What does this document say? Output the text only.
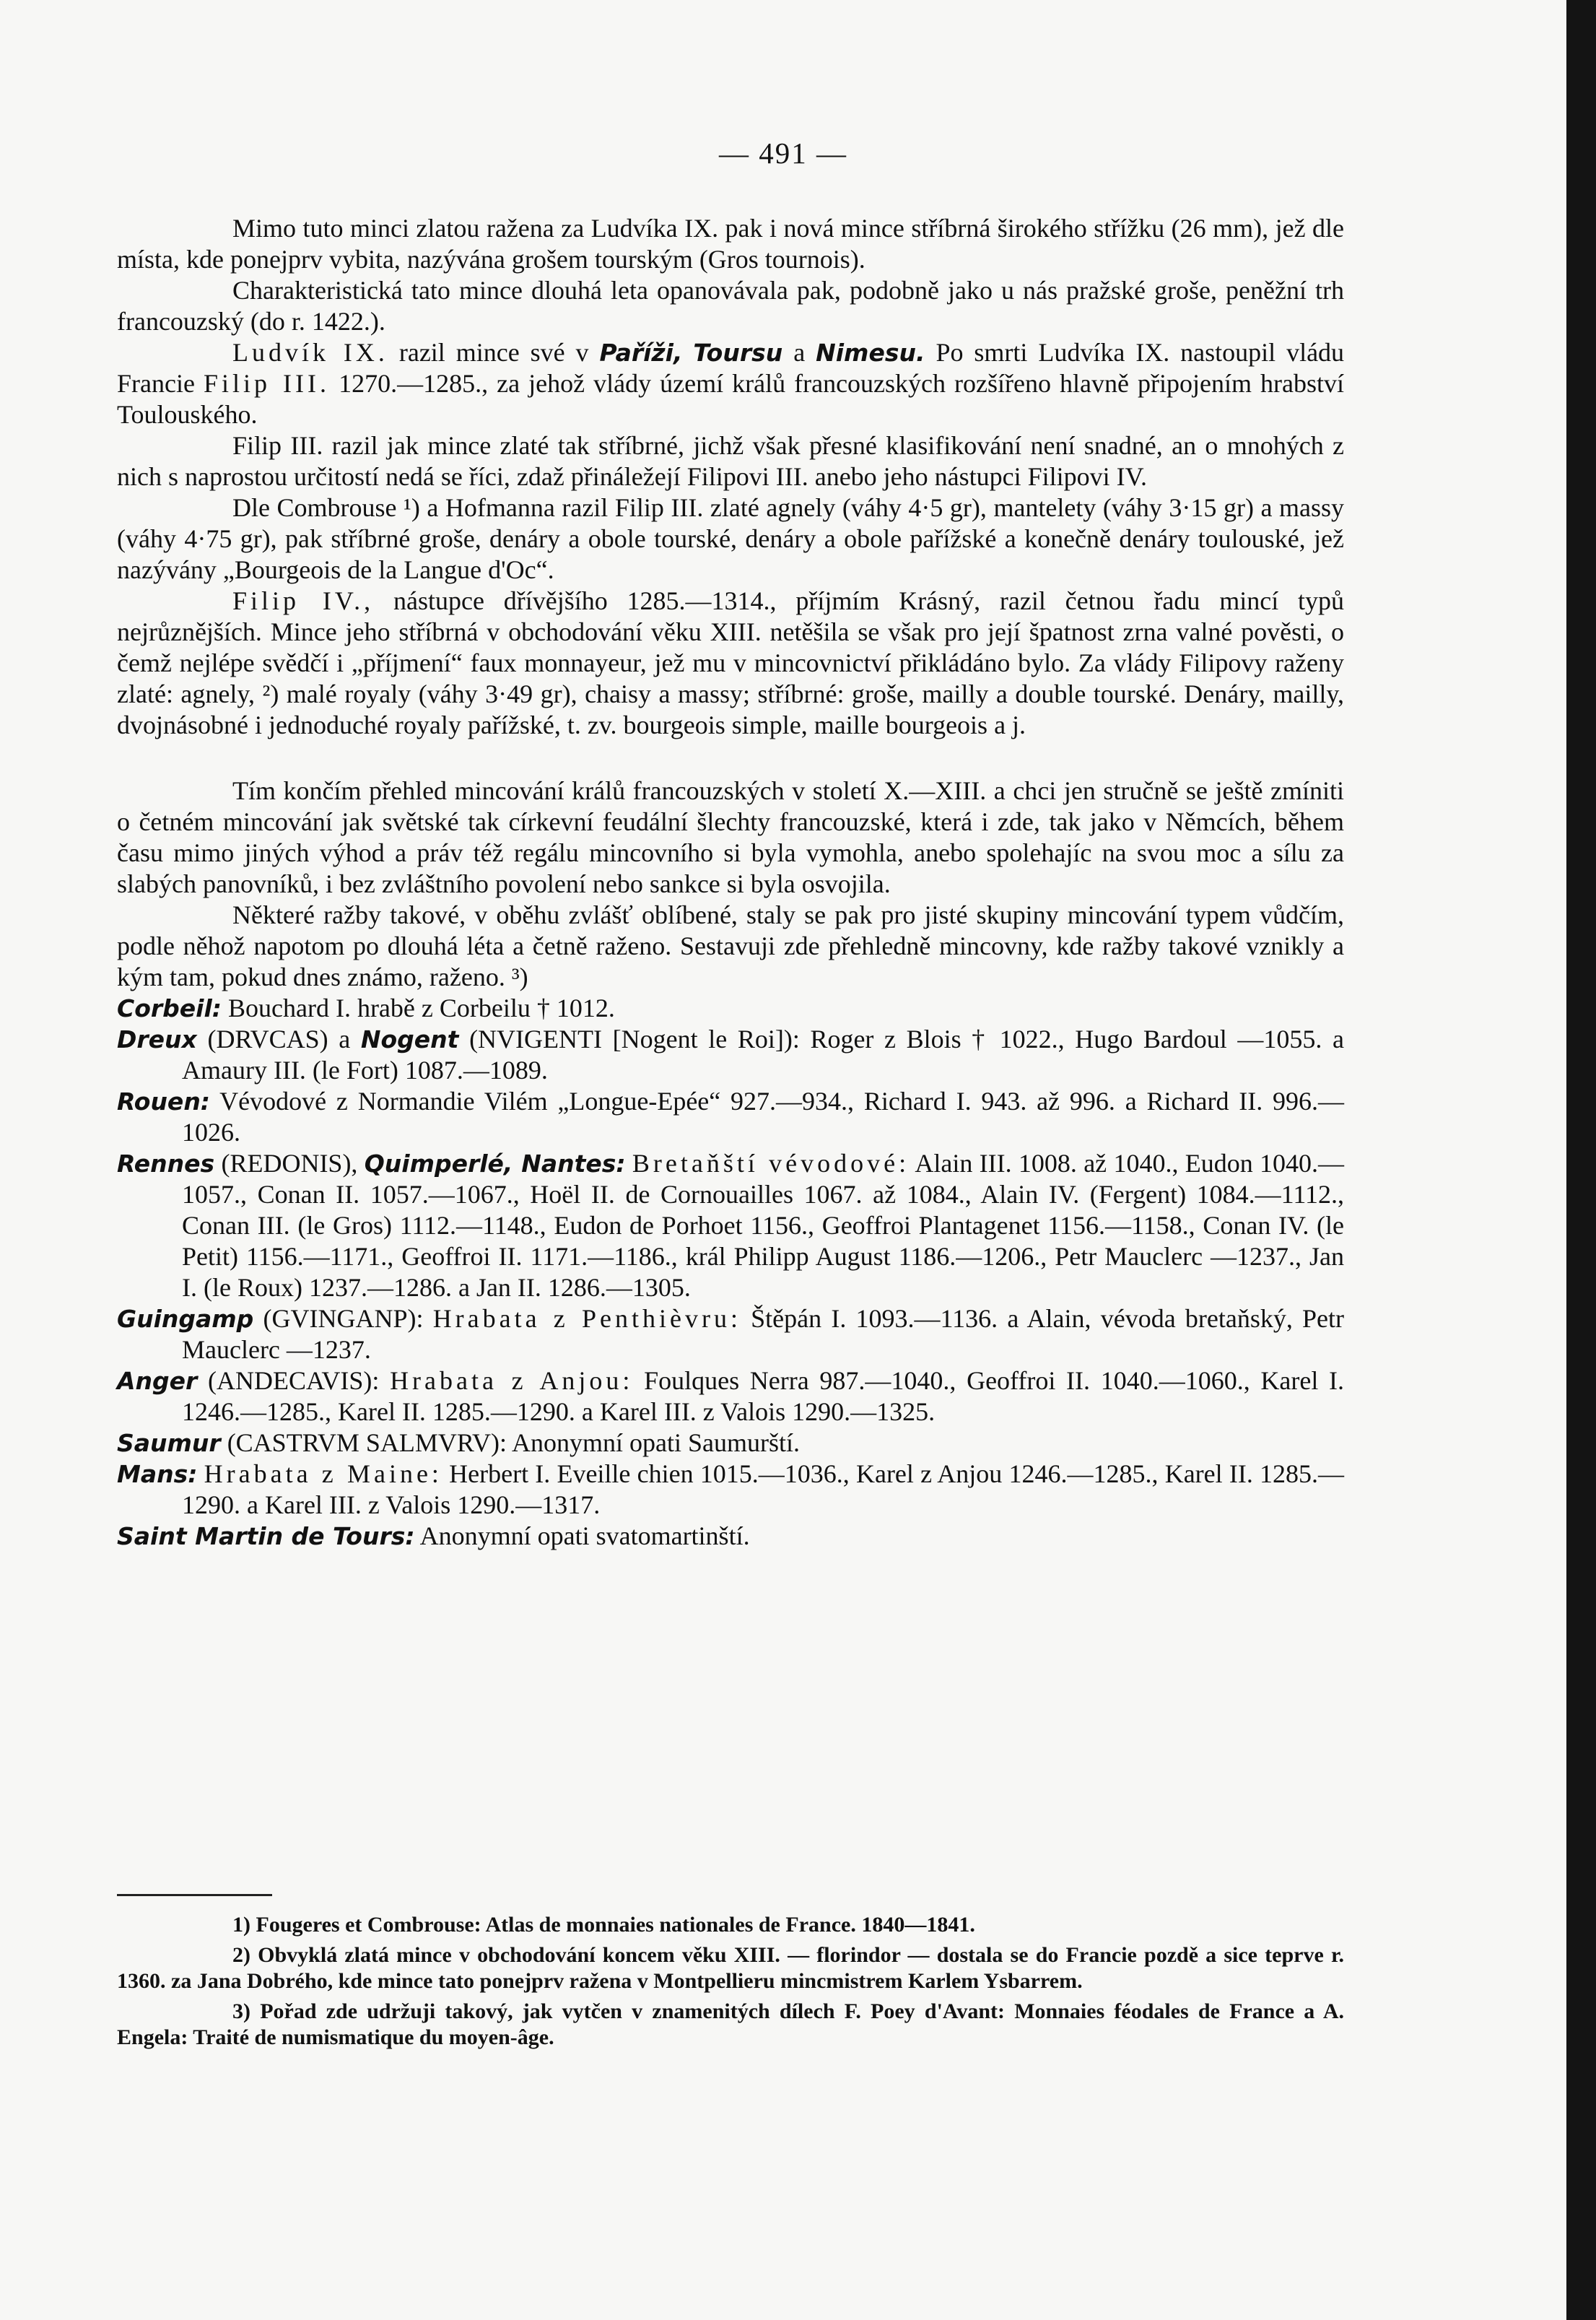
— 491 —

Mimo tuto minci zlatou ražena za Ludvíka IX. pak i nová mince stříbrná širokého střížku (26 mm), jež dle místa, kde ponejprv vybita, nazývána grošem tourským (Gros tournois).

Charakteristická tato mince dlouhá leta opanovávala pak, podobně jako u nás pražské groše, peněžní trh francouzský (do r. 1422.).

Ludvík IX. razil mince své v Paříži, Toursu a Nimesu. Po smrti Ludvíka IX. nastoupil vládu Francie Filip III. 1270.—1285., za jehož vlády území králů francouzských rozšířeno hlavně připojením hrabství Toulouského.

Filip III. razil jak mince zlaté tak stříbrné, jichž však přesné klasifikování není snadné, an o mnohých z nich s naprostou určitostí nedá se říci, zdaž přináležejí Filipovi III. anebo jeho nástupci Filipovi IV.

Dle Combrouse ¹) a Hofmanna razil Filip III. zlaté agnely (váhy 4·5 gr), mantelety (váhy 3·15 gr) a massy (váhy 4·75 gr), pak stříbrné groše, denáry a obole tourské, denáry a obole pařížské a konečně denáry toulouské, jež nazývány „Bourgeois de la Langue d'Oc“.

Filip IV., nástupce dřívějšího 1285.—1314., příjmím Krásný, razil četnou řadu mincí typů nejrůznějších. Mince jeho stříbrná v obchodování věku XIII. netěšila se však pro její špatnost zrna valné pověsti, o čemž nejlépe svědčí i „příjmení“ faux monnayeur, jež mu v mincovnictví přikládáno bylo. Za vlády Filipovy raženy zlaté: agnely, ²) malé royaly (váhy 3·49 gr), chaisy a massy; stříbrné: groše, mailly a double tourské. Denáry, mailly, dvojnásobné i jednoduché royaly pařížské, t. zv. bourgeois simple, maille bourgeois a j.

Tím končím přehled mincování králů francouzských v století X.—XIII. a chci jen stručně se ještě zmíniti o četném mincování jak světské tak církevní feudální šlechty francouzské, která i zde, tak jako v Němcích, během času mimo jiných výhod a práv též regálu mincovního si byla vymohla, anebo spolehajíc na svou moc a sílu za slabých panovníků, i bez zvláštního povolení nebo sankce si byla osvojila.

Některé ražby takové, v oběhu zvlášť oblíbené, staly se pak pro jisté skupiny mincování typem vůdčím, podle něhož napotom po dlouhá léta a četně raženo. Sestavuji zde přehledně mincovny, kde ražby takové vznikly a kým tam, pokud dnes známo, raženo. ³)

Corbeil: Bouchard I. hrabě z Corbeilu † 1012.

Dreux (DRVCAS) a Nogent (NVIGENTI [Nogent le Roi]): Roger z Blois † 1022., Hugo Bardoul —1055. a Amaury III. (le Fort) 1087.—1089.

Rouen: Vévodové z Normandie Vilém „Longue-Epée“ 927.—934., Richard I. 943. až 996. a Richard II. 996.—1026.

Rennes (REDONIS), Quimperlé, Nantes: Bretaňští vévodové: Alain III. 1008. až 1040., Eudon 1040.—1057., Conan II. 1057.—1067., Hoël II. de Cornouailles 1067. až 1084., Alain IV. (Fergent) 1084.—1112., Conan III. (le Gros) 1112.—1148., Eudon de Porhoet 1156., Geoffroi Plantagenet 1156.—1158., Conan IV. (le Petit) 1156.—1171., Geoffroi II. 1171.—1186., král Philipp August 1186.—1206., Petr Mauclerc —1237., Jan I. (le Roux) 1237.—1286. a Jan II. 1286.—1305.

Guingamp (GVINGANP): Hrabata z Penthièvru: Štěpán I. 1093.—1136. a Alain, vévoda bretaňský, Petr Mauclerc —1237.

Anger (ANDECAVIS): Hrabata z Anjou: Foulques Nerra 987.—1040., Geoffroi II. 1040.—1060., Karel I. 1246.—1285., Karel II. 1285.—1290. a Karel III. z Valois 1290.—1325.

Saumur (CASTRVM SALMVRV): Anonymní opati Saumurští.

Mans: Hrabata z Maine: Herbert I. Eveille chien 1015.—1036., Karel z Anjou 1246.—1285., Karel II. 1285.—1290. a Karel III. z Valois 1290.—1317.

Saint Martin de Tours: Anonymní opati svatomartinští.

1) Fougeres et Combrouse: Atlas de monnaies nationales de France. 1840—1841.

2) Obvyklá zlatá mince v obchodování koncem věku XIII. — florindor — dostala se do Francie pozdě a sice teprve r. 1360. za Jana Dobrého, kde mince tato ponejprv ražena v Montpellieru mincmistrem Karlem Ysbarrem.

3) Pořad zde udržuji takový, jak vytčen v znamenitých dílech F. Poey d'Avant: Monnaies féodales de France a A. Engela: Traité de numismatique du moyen-âge.
